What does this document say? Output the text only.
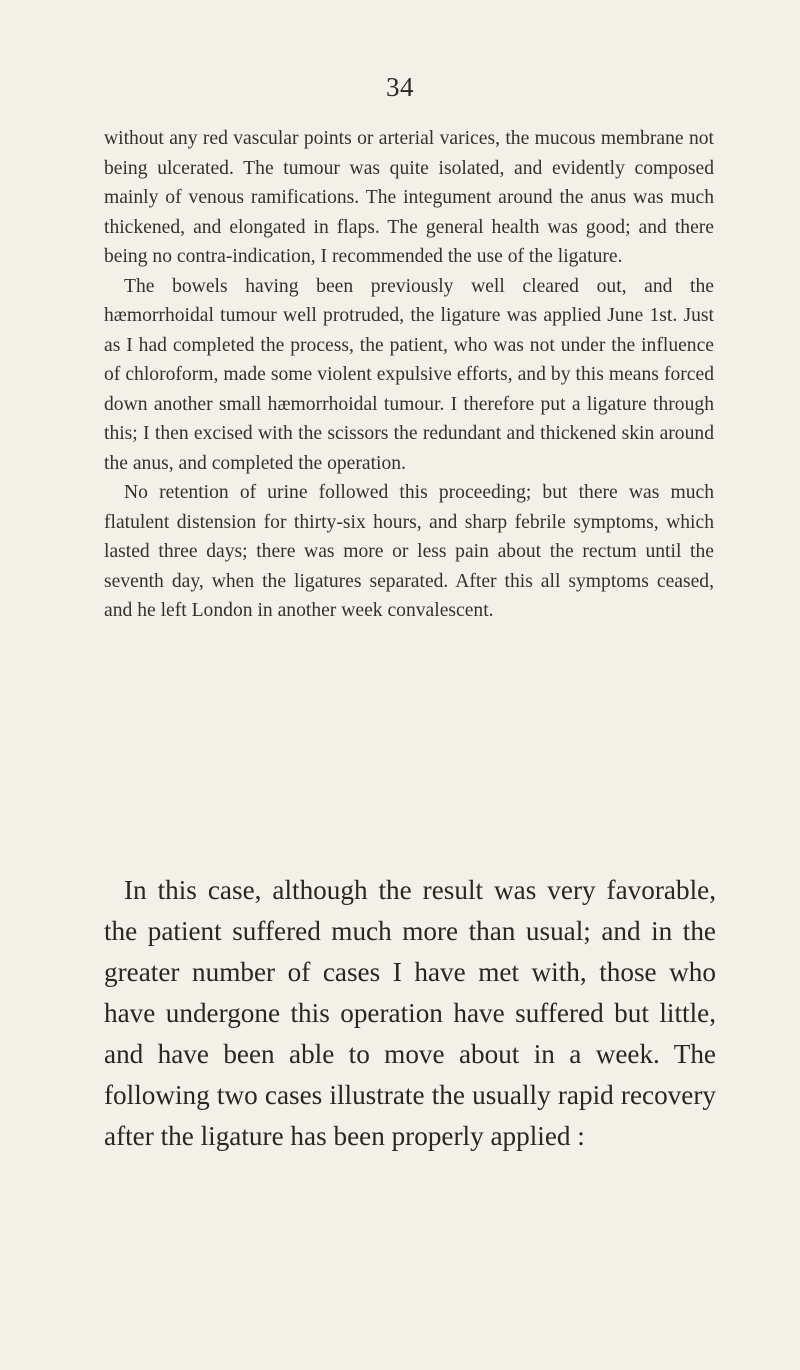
34

without any red vascular points or arterial varices, the mucous membrane not being ulcerated. The tumour was quite isolated, and evidently composed mainly of venous ramifications. The integument around the anus was much thickened, and elongated in flaps. The general health was good; and there being no contra-indication, I recommended the use of the ligature.

The bowels having been previously well cleared out, and the hæmorrhoidal tumour well protruded, the ligature was applied June 1st. Just as I had completed the process, the patient, who was not under the influence of chloroform, made some violent expulsive efforts, and by this means forced down another small hæmorrhoidal tumour. I therefore put a ligature through this; I then excised with the scissors the redundant and thickened skin around the anus, and completed the operation.

No retention of urine followed this proceeding; but there was much flatulent distension for thirty-six hours, and sharp febrile symptoms, which lasted three days; there was more or less pain about the rectum until the seventh day, when the ligatures separated. After this all symptoms ceased, and he left London in another week convalescent.

In this case, although the result was very favorable, the patient suffered much more than usual; and in the greater number of cases I have met with, those who have undergone this operation have suffered but little, and have been able to move about in a week. The following two cases illustrate the usually rapid recovery after the ligature has been properly applied :
